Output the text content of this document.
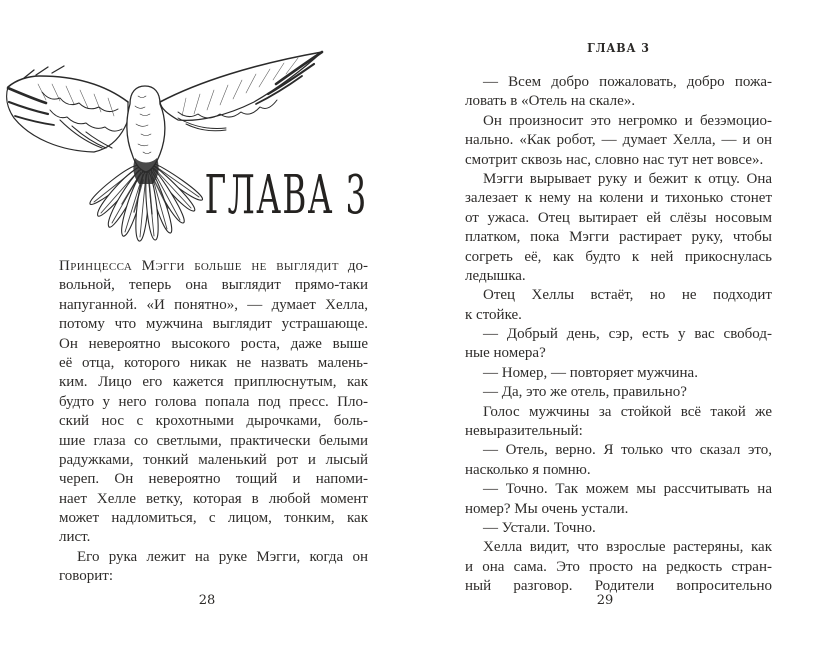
ГЛАВА 3
ГЛАВА 3
Принцесса Мэгги больше не выглядит до-
вольной, теперь она выглядит прямо-таки
напуганной. «И понятно», — думает Хелла,
потому что мужчина выглядит устрашающе.
Он невероятно высокого роста, даже выше
её отца, которого никак не назвать малень-
ким. Лицо его кажется приплюснутым, как
будто у него голова попала под пресс. Пло-
ский нос с крохотными дырочками, боль-
шие глаза со светлыми, практически белыми
радужками, тонкий маленький рот и лысый
череп. Он невероятно тощий и напоми-
нает Хелле ветку, которая в любой момент
может надломиться, с лицом, тонким, как
лист.
Его рука лежит на руке Мэгги, когда он
говорит:
— Всем добро пожаловать, добро пожа-
ловать в «Отель на скале».
Он произносит это негромко и безэмоцио-
нально. «Как робот, — думает Хелла, — и он
смотрит сквозь нас, словно нас тут нет вовсе».
Мэгги вырывает руку и бежит к отцу. Она
залезает к нему на колени и тихонько стонет
от ужаса. Отец вытирает ей слёзы носовым
платком, пока Мэгги растирает руку, чтобы
согреть её, как будто к ней прикоснулась
ледышка.
Отец Хеллы встаёт, но не подходит
к стойке.
— Добрый день, сэр, есть у вас свобод-
ные номера?
— Номер, — повторяет мужчина.
— Да, это же отель, правильно?
Голос мужчины за стойкой всё такой же
невыразительный:
— Отель, верно. Я только что сказал это,
насколько я помню.
— Точно. Так можем мы рассчитывать на
номер? Мы очень устали.
— Устали. Точно.
Хелла видит, что взрослые растеряны, как
и она сама. Это просто на редкость стран-
ный разговор. Родители вопросительно
28	29
